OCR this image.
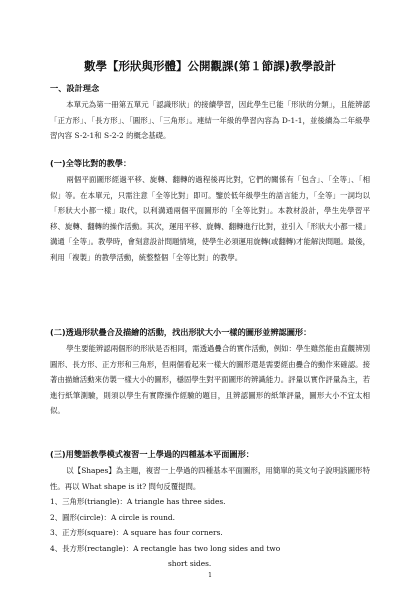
數學【形狀與形體】公開觀課(第１節課)教學設計
一、設計理念
本單元為第一冊第五單元「認識形狀」的接續學習，因此學生已能「形狀的分類」，且能辨認「正方形」、「長方形」、「圓形」、「三角形」。連結一年級的學習內容為 D-1-1，並後續為二年級學習內容 S-2-1和 S-2-2 的概念基礎。
(一)全等比對的教學：
兩個平面圖形經過平移、旋轉、翻轉的過程後再比對，它們的關係有「包含」、「全等」、「相似」等。在本單元，只需注意「全等比對」即可。鑒於低年級學生的語言能力，「全等」一詞均以「形狀大小都一樣」取代，以利溝通兩個平面圖形的「全等比對」。本教材設計，學生先學習平移、旋轉、翻轉的操作活動。其次，運用平移、旋轉、翻轉進行比對，並引入「形狀大小都一樣」溝通「全等」。教學時，會刻意設計問題情境，使學生必須運用旋轉(或翻轉)才能解決問題。最後，利用「複製」的教學活動，統整整個「全等比對」的教學。
(二)透過形狀疊合及描繪的活動，找出形狀大小一樣的圖形並辨認圖形：
學生要能辨認兩個形的形狀是否相同，需透過疊合的實作活動，例如：學生雖然能由直觀辨別圓形、長方形、正方形和三角形，但兩個看起來一樣大的圖形還是需要經由疊合的動作來確認。接著由描繪活動來仿製一樣大小的圖形，穩固學生對平面圖形的辨識能力。評量以實作評量為主，若進行紙筆測驗，則須以學生有實際操作經驗的題目，且辨認圖形的紙筆評量，圖形大小不宜太相似。
(三)用雙語教學模式複習一上學過的四種基本平面圖形：
以【Shapes】為主題，複習一上學過的四種基本平面圖形，用簡單的英文句子說明該圖形特性。再以 What shape is it? 問句反覆提問。
1、三角形(triangle)：A triangle has three sides.
2、圓形(circle)：A circle is round.
3、正方形(square)：A square has four corners.
4、長方形(rectangle)：A rectangle has two long sides and two
short sides.
1
